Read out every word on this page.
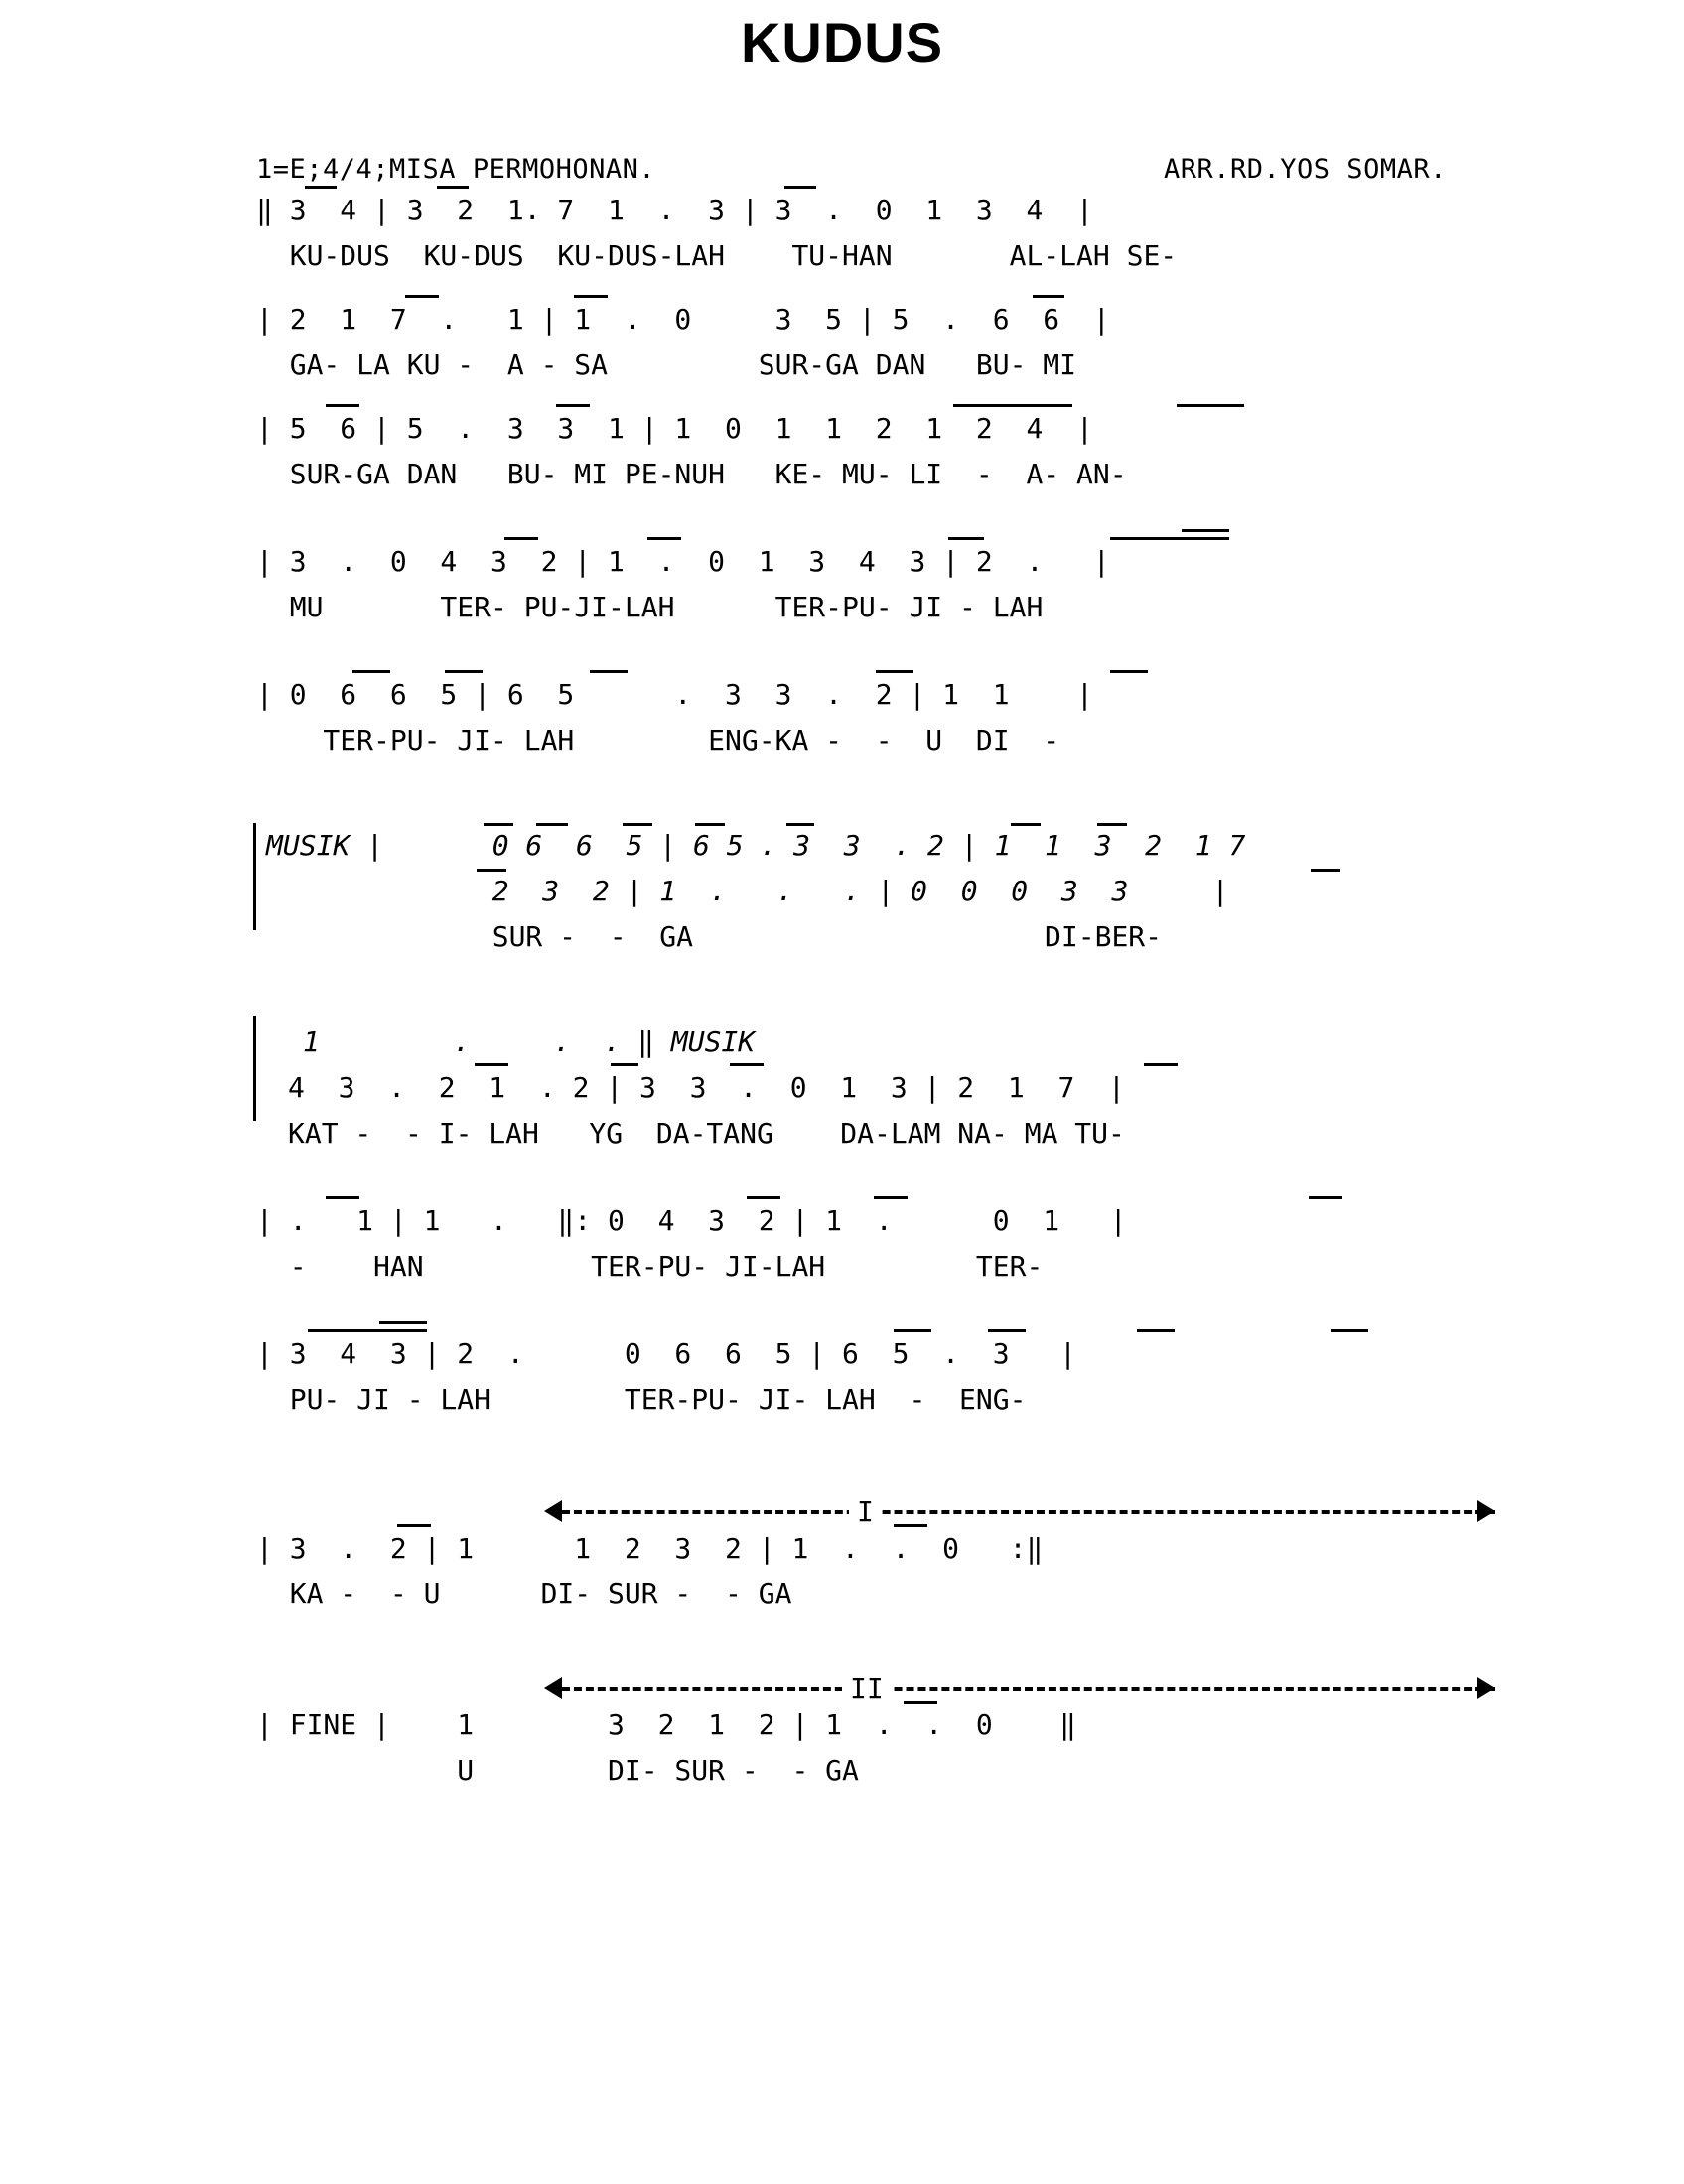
KUDUS
1=E;4/4;MISA PERMOHONAN.	ARR.RD.YOS SOMAR.

‖ 3  4 | 3  2  1. 7  1  .  3 | 3  .  0  1  3  4  |

KU-DUS  KU-DUS  KU-DUS-LAH    TU-HAN       AL-LAH SE-

| 2  1  7  .   1 | 1  .  0     3  5 | 5  .  6  6  |

GA- LA KU -  A - SA         SUR-GA DAN   BU- MI

| 5  6 | 5  .  3  3  1 | 1  0  1  1  2  1  2  4  |

SUR-GA DAN   BU- MI PE-NUH   KE- MU- LI  -  A- AN-

| 3  .  0  4  3  2 | 1  .  0  1  3  4  3 | 2  .   |

MU       TER- PU-JI-LAH      TER-PU- JI - LAH

| 0  6  6  5 | 6  5      .  3  3  .  2 | 1  1    |

TER-PU- JI- LAH        ENG-KA -  -  U  DI  -

MUSIK |

	0 6  6  5 | 6 5 . 3  3  . 2 | 1  1  3  2  1 7

2  3  2 | 1  .   .   . | 0  0  0  3  3     |

SUR -  -  GA                     DI-BER-

1        .     .  . ‖ MUSIK

4  3  .  2  1  . 2 | 3  3  .  0  1  3 | 2  1  7  |

KAT -  - I- LAH   YG  DA-TANG    DA-LAM NA- MA TU-

| .   1 | 1   .   ‖: 0  4  3  2 | 1  .      0  1   |

-    HAN          TER-PU- JI-LAH         TER-

| 3  4  3 | 2  .      0  6  6  5 | 6  5  .  3   |

PU- JI - LAH        TER-PU- JI- LAH  -  ENG-

I

| 3  .  2 | 1      1  2  3  2 | 1  .  .  0   :‖

KA -  - U      DI- SUR -  - GA

II

| FINE |    1        3  2  1  2 | 1  .  .  0    ‖

U        DI- SUR -  - GA
